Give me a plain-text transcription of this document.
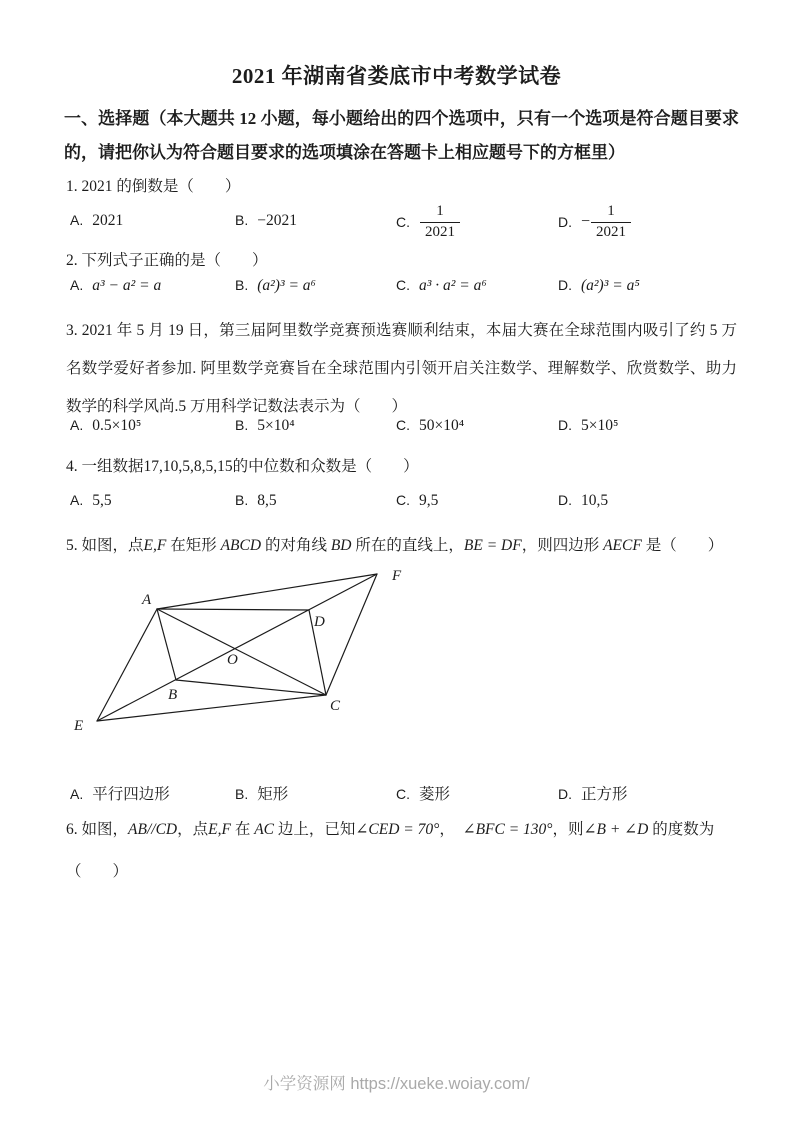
2021 年湖南省娄底市中考数学试卷
一、选择题（本大题共 12 小题，每小题给出的四个选项中，只有一个选项是符合题目要求的，请把你认为符合题目要求的选项填涂在答题卡上相应题号下的方框里）
1. 2021 的倒数是（　　）
A. 2021	B. −2021	C. $\frac{1}{2021}$	D. − $\frac{1}{2021}$
2. 下列式子正确的是（　　）
A. a³ − a² = a	B. (a²)³ = a⁶	C. a³ · a² = a⁶	D. (a²)³ = a⁵
3. 2021 年 5 月 19 日，第三届阿里数学竞赛预选赛顺利结束，本届大赛在全球范围内吸引了约 5 万名数学爱好者参加. 阿里数学竞赛旨在全球范围内引领开启关注数学、理解数学、欣赏数学、助力数学的科学风尚.5 万用科学记数法表示为（　　）
A. 0.5×10⁵	B. 5×10⁴	C. 50×10⁴	D. 5×10⁵
4. 一组数据17,10,5,8,5,15的中位数和众数是（　　）
A. 5,5	B. 8,5	C. 9,5	D. 10,5
5. 如图，点E,F 在矩形 ABCD 的对角线 BD 所在的直线上，BE = DF，则四边形 AECF 是（　　）
A
B
C
D
E
F
O
A. 平行四边形	B. 矩形	C. 菱形	D. 正方形
6. 如图，AB//CD，点E,F 在 AC 边上，已知∠CED = 70°，　∠BFC = 130°，则∠B + ∠D 的度数为
（　　）
小学资源网 https://xueke.woiay.com/
